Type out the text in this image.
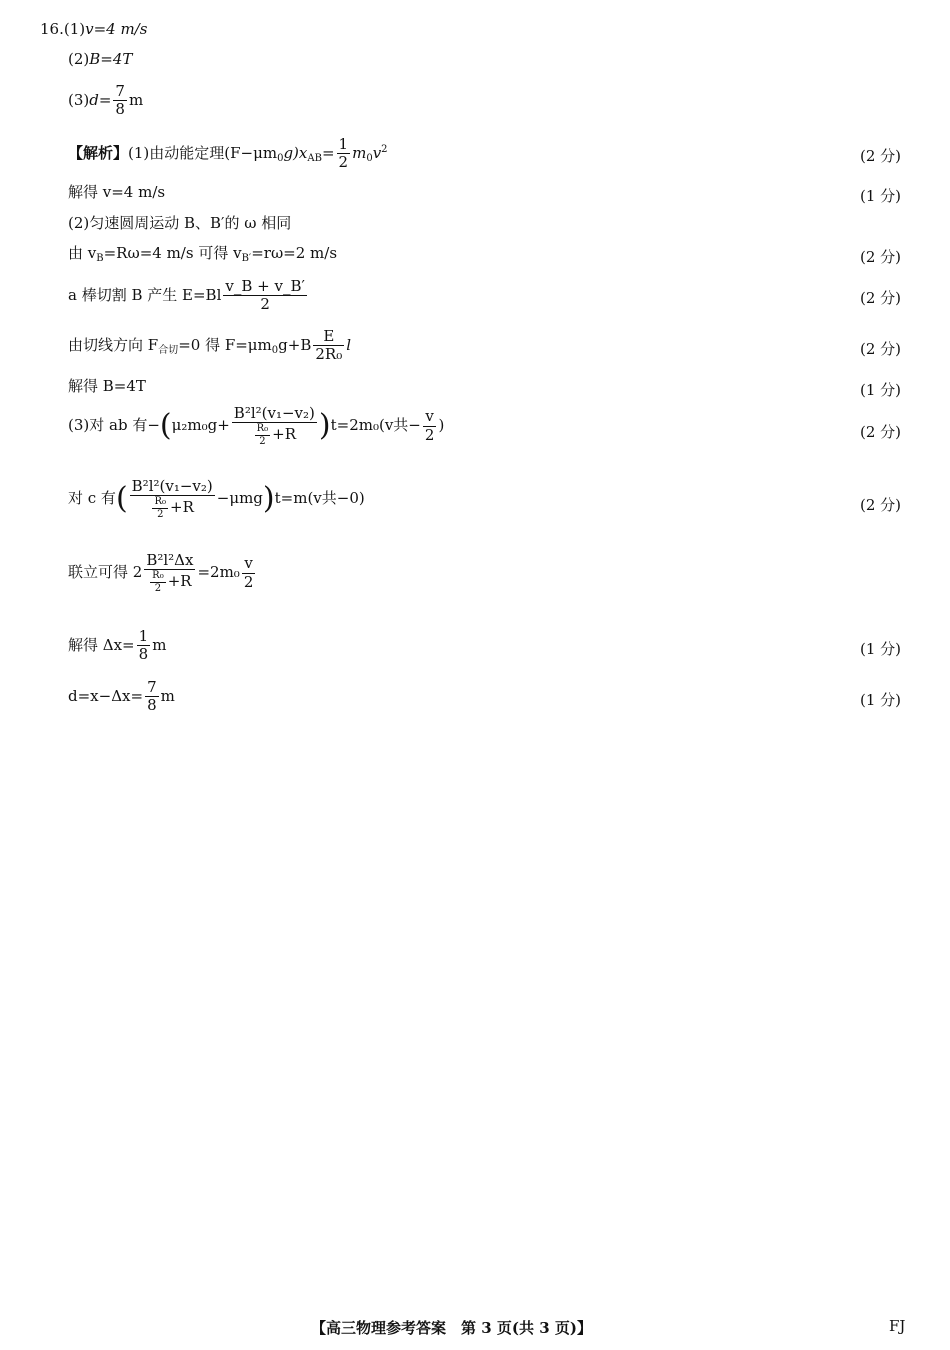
16.(1)v=4 m/s
(2)B=4T
$(3)d= \frac{7}{8}$ m
【解析】(1)由动能定理$(F-\mu m_0g)x_{AB}= \frac{1}{2} m_0v^2$	(2 分)
解得 v=4 m/s	(1 分)
(2)匀速圆周运动 B、B′的 ω 相同
由 $v_B=R\omega=4$ m/s 可得 $v_{B'}=r\omega=2$ m/s	(2 分)
a 棒切割 B 产生 $E=Bl \frac{v\_B + v\_B'}{2}$	(2 分)
由切线方向 $F_{合切}=0$ 得 $F=\mu m_0g+B \frac{E}{\text{2R₀}}$ l	(2 分)
解得 B=4T	(1 分)
(3)对 ab 有$-(\mu_2m_0g+ \frac{\text{B²l²(v₁−v₂)}}{\frac{\text{R₀}}{2} +R} )t=2m_0(v$共− $\frac{v}{2}$ )	(2 分)
对 c 有( $\frac{\text{B²l²(v₁−v₂)}}{\frac{\text{R₀}}{2} +R} -\mu mg)t=m(v$共−0)	(2 分)
联立可得 $2 \frac{\text{B²l²Δx}}{\frac{\text{R₀}}{2} +R} =2m_0 \frac{v}{2}$
解得 $\Delta x= \frac{1}{8}$ m	(1 分)
$d=x-\Delta x= \frac{7}{8}$ m	(1 分)
【高三物理参考答案　第 3 页(共 3 页)】	FJ
